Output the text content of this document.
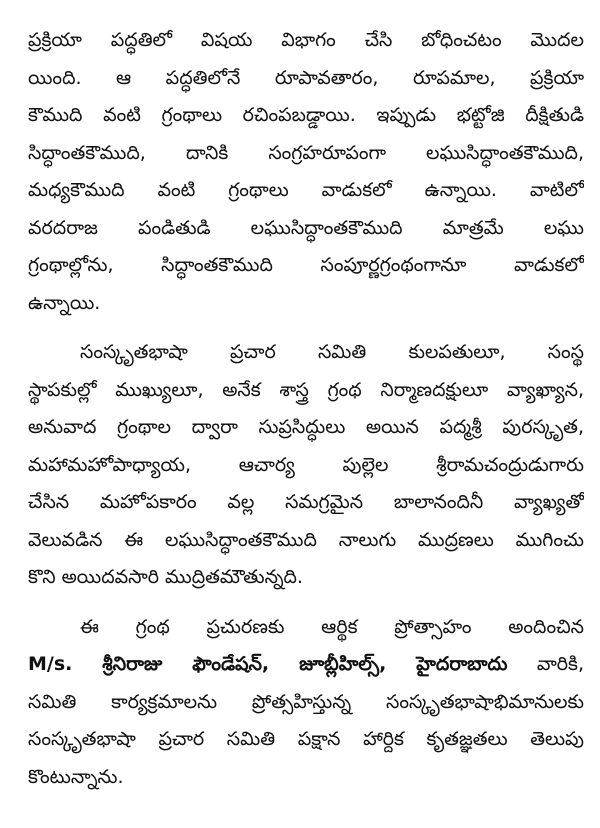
ప్రక్రియా పద్ధతిలో విషయ విభాగం చేసి బోధించటం మొదల
యింది. ఆ పద్ధతిలోనే రూపావతారం, రూపమాల, ప్రక్రియా
కౌముది వంటి గ్రంథాలు రచింపబడ్డాయి. ఇప్పుడు భట్టోజి దీక్షితుడి
సిద్ధాంతకౌముది, దానికి సంగ్రహరూపంగా లఘుసిద్ధాంతకౌముది,
మధ్యకౌముది వంటి గ్రంథాలు వాడుకలో ఉన్నాయి. వాటిలో
వరదరాజ పండితుడి లఘుసిద్ధాంతకౌముది మాత్రమే లఘు
గ్రంథాల్లోను, సిద్ధాంతకౌముది సంపూర్ణగ్రంథంగానూ వాడుకలో
ఉన్నాయి.
సంస్కృతభాషా ప్రచార సమితి కులపతులూ, సంస్థ
స్థాపకుల్లో ముఖ్యులూ, అనేక శాస్త్ర గ్రంథ నిర్మాణదక్షులూ వ్యాఖ్యాన,
అనువాద గ్రంథాల ద్వారా సుప్రసిద్ధులు అయిన పద్మశ్రీ పురస్కృత,
మహామహోపాధ్యాయ, ఆచార్య పుల్లెల శ్రీరామచంద్రుడుగారు
చేసిన మహోపకారం వల్ల సమగ్రమైన బాలానందినీ వ్యాఖ్యతో
వెలువడిన ఈ లఘుసిద్ధాంతకౌముది నాలుగు ముద్రణలు ముగించు
కొని అయిదవసారి ముద్రితమౌతున్నది.
ఈ గ్రంథ ప్రచురణకు ఆర్థిక ప్రోత్సాహం అందించిన
M/s. శ్రీనిరాజు ఫౌండేషన్, జూబ్లీహిల్స్, హైదరాబాదు వారికి,
సమితి కార్యక్రమాలను ప్రోత్సహిస్తున్న సంస్కృతభాషాభిమానులకు
సంస్కృతభాషా ప్రచార సమితి పక్షాన హార్దిక కృతజ్ఞతలు తెలుపు
కొంటున్నాను.
